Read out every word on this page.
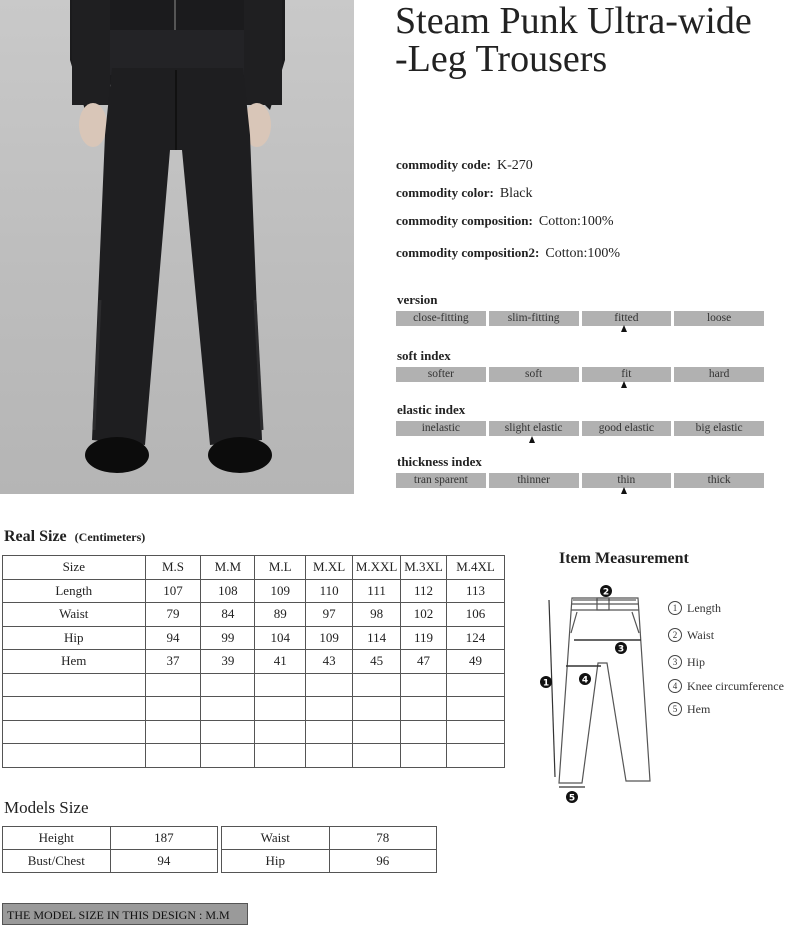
Steam Punk Ultra-wide
-Leg Trousers
commodity code: K-270
commodity color: Black
commodity composition: Cotton:100%
commodity composition2: Cotton:100%
version
close-fitting	slim-fitting	fitted	loose
soft index
softer	soft	fit	hard
elastic index
inelastic	slight elastic	good elastic	big elastic
thickness index
tran sparent	thinner	thin	thick
Real Size (Centimeters)
Size	M.S	M.M	M.L	M.XL	M.XXL	M.3XL	M.4XL
Length	107	108	109	110	111	112	113
Waist	79	84	89	97	98	102	106
Hip	94	99	104	109	114	119	124
Hem	37	39	41	43	45	47	49

Item Measurement
2
3
4
1
5
1 Length
2 Waist
3 Hip
4 Knee circumference
5 Hem
Models Size
Height	187
Bust/Chest	94
Waist	78
Hip	96
THE MODEL SIZE IN THIS DESIGN : M.M
